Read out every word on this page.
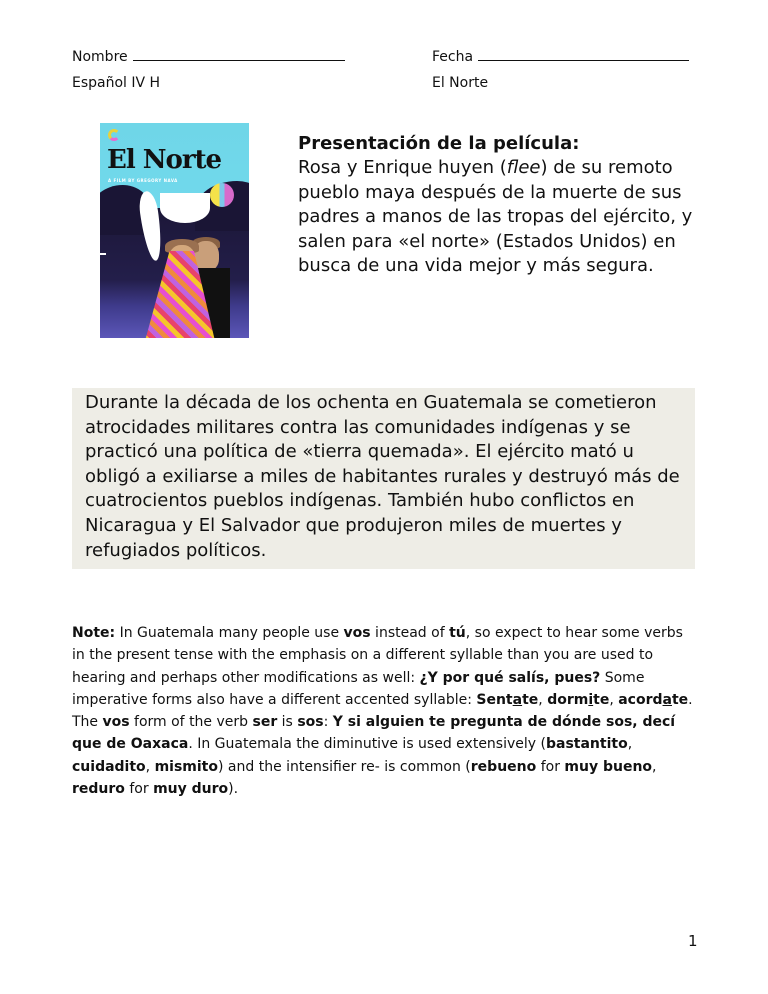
Nombre	Fecha
Español IV H	El Norte
El Norte
A FILM BY GREGORY NAVA
Presentación de la película:
Rosa y Enrique huyen (flee) de su remoto pueblo maya después de la muerte de sus padres a manos de las tropas del ejército, y salen para «el norte» (Estados Unidos) en busca de una vida mejor y más segura.
Durante la década de los ochenta en Guatemala se cometieron atrocidades militares contra las comunidades indígenas y se practicó una política de «tierra quemada». El ejército mató u obligó a exiliarse a miles de habitantes rurales y destruyó más de cuatrocientos pueblos indígenas. También hubo conflictos en Nicaragua y El Salvador que produjeron miles de muertes y refugiados políticos.
Note: In Guatemala many people use vos instead of tú, so expect to hear some verbs in the present tense with the emphasis on a different syllable than you are used to hearing and perhaps other modifications as well: ¿Y por qué salís, pues? Some imperative forms also have a different accented syllable: Sentate, dormite, acordate. The vos form of the verb ser is sos: Y si alguien te pregunta de dónde sos, decí que de Oaxaca. In Guatemala the diminutive is used extensively (bastantito, cuidadito, mismito) and the intensifier re- is common (rebueno for muy bueno, reduro for muy duro).
1
